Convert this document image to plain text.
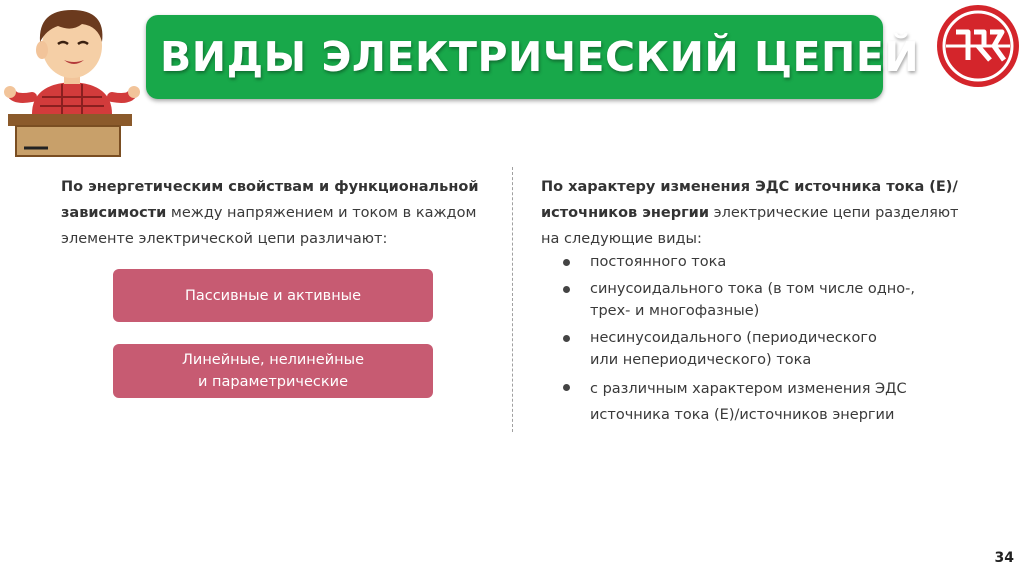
ВИДЫ ЭЛЕКТРИЧЕСКИЙ ЦЕПЕЙ
По энергетическим свойствам и функциональной зависимости между напряжением и током в каждом элементе электрической цепи различают:
Пассивные и активные
Линейные, нелинейные
и параметрические
По характеру изменения ЭДС источника тока (Е)/ источников энергии электрические цепи разделяют на следующие виды:
постоянного тока
синусоидального тока (в том числе одно-,
трех- и многофазные)
несинусоидального (периодического
или непериодического) тока
с различным характером изменения ЭДС
источника тока (Е)/источников энергии
34
